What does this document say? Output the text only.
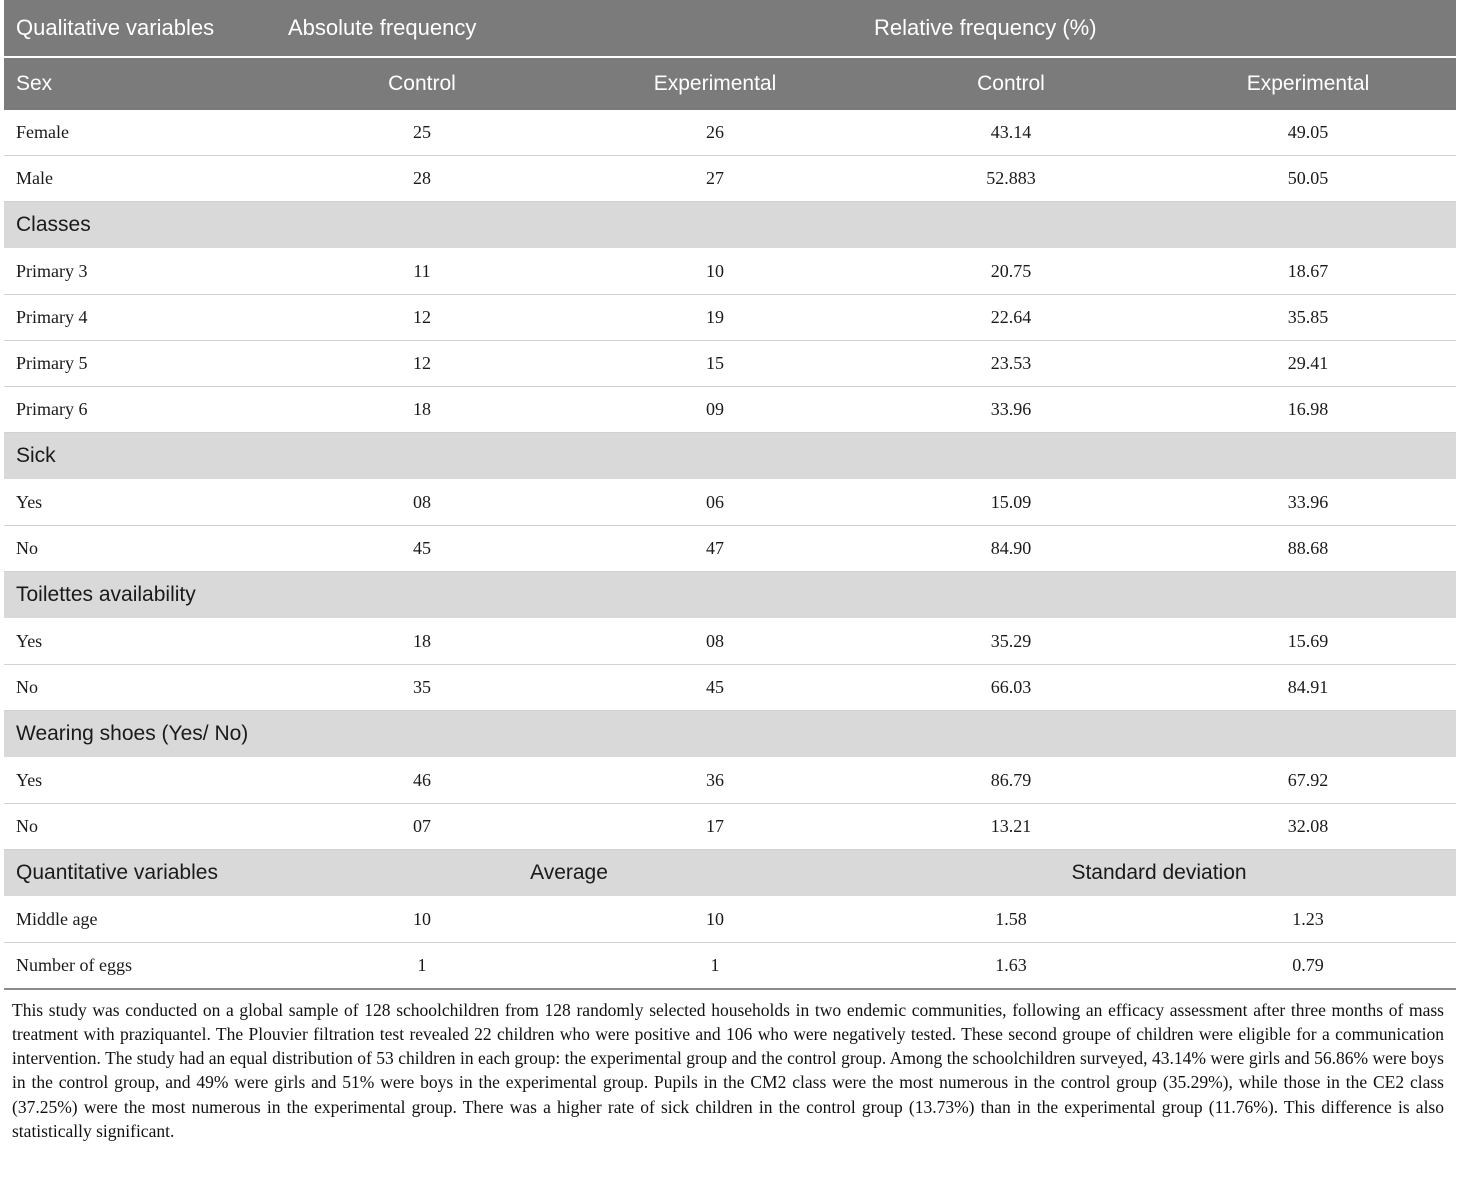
Qualitative variables	Absolute frequency		Relative frequency (%)	

Sex	Control	Experimental	Control	Experimental
Female	25	26	43.14	49.05
Male	28	27	52.883	50.05
Classes				
Primary 3	11	10	20.75	18.67
Primary 4	12	19	22.64	35.85
Primary 5	12	15	23.53	29.41
Primary 6	18	09	33.96	16.98
Sick				
Yes	08	06	15.09	33.96
No	45	47	84.90	88.68
Toilettes availability				
Yes	18	08	35.29	15.69
No	35	45	66.03	84.91
Wearing shoes (Yes/ No)				
Yes	46	36	86.79	67.92
No	07	17	13.21	32.08
Quantitative variables	Average		Standard deviation	
Middle age	10	10	1.58	1.23
Number of eggs	1	1	1.63	0.79
This study was conducted on a global sample of 128 schoolchildren from 128 randomly selected households in two endemic communities, following an efficacy assessment after three months of mass treatment with praziquantel. The Plouvier filtration test revealed 22 children who were positive and 106 who were negatively tested. These second groupe of children were eligible for a communication intervention. The study had an equal distribution of 53 children in each group: the experimental group and the control group. Among the schoolchildren surveyed, 43.14% were girls and 56.86% were boys in the control group, and 49% were girls and 51% were boys in the experimental group. Pupils in the CM2 class were the most numerous in the control group (35.29%), while those in the CE2 class (37.25%) were the most numerous in the experimental group. There was a higher rate of sick children in the control group (13.73%) than in the experimental group (11.76%). This difference is also statistically significant.
